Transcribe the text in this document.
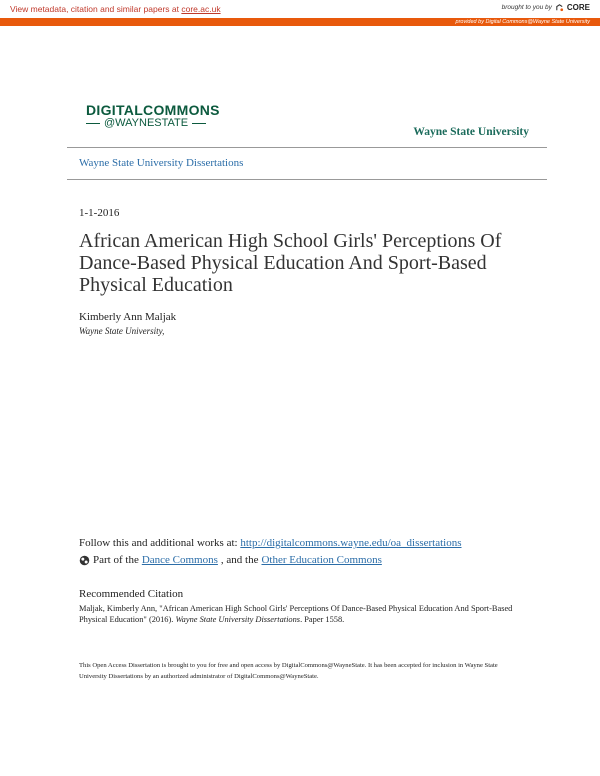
View metadata, citation and similar papers at core.ac.uk	brought to you by CORE
provided by Digital Commons@Wayne State University
DIGITALCOMMONS
@WAYNESTATE
Wayne State University
Wayne State University Dissertations
1-1-2016
African American High School Girls' Perceptions Of Dance-Based Physical Education And Sport-Based Physical Education
Kimberly Ann Maljak
Wayne State University,
Follow this and additional works at: http://digitalcommons.wayne.edu/oa_dissertations
Part of the Dance Commons , and the Other Education Commons
Recommended Citation
Maljak, Kimberly Ann, "African American High School Girls' Perceptions Of Dance-Based Physical Education And Sport-Based Physical Education" (2016). Wayne State University Dissertations. Paper 1558.
This Open Access Dissertation is brought to you for free and open access by DigitalCommons@WayneState. It has been accepted for inclusion in Wayne State University Dissertations by an authorized administrator of DigitalCommons@WayneState.
